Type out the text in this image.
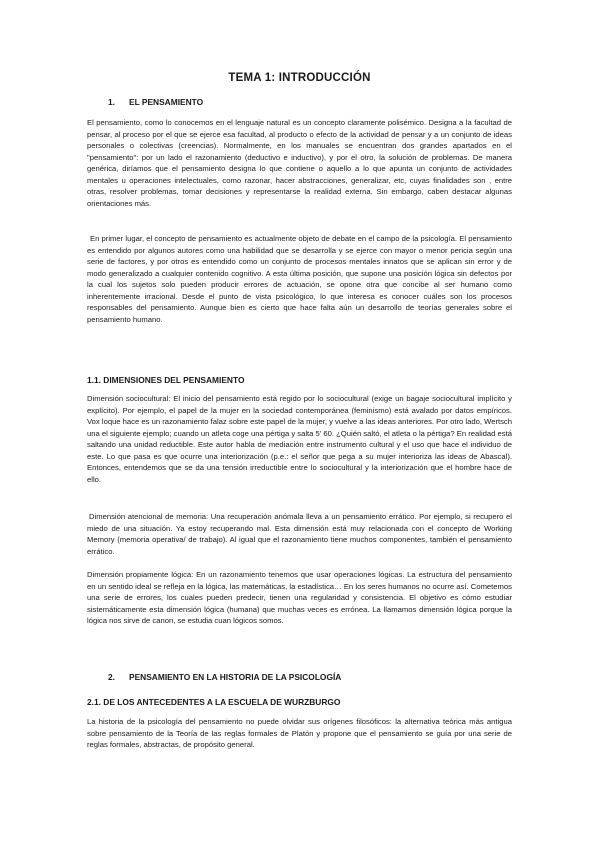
TEMA 1: INTRODUCCIÓN
1. EL PENSAMIENTO

El pensamiento, como lo conocemos en el lenguaje natural es un concepto claramente polisémico. Designa a la facultad de pensar, al proceso por el que se ejerce esa facultad, al producto o efecto de la actividad de pensar y a un conjunto de ideas personales o colectivas (creencias). Normalmente, en los manuales se encuentran dos grandes apartados en el "pensamiento": por un lado el razonamiento (deductivo e inductivo), y por el otro, la solución de problemas. De manera genérica, diríamos que el pensamiento designa lo que contiene o aquello a lo que apunta un conjunto de actividades mentales u operaciones intelectuales, como razonar, hacer abstracciones, generalizar, etc, cuyas finalidades son , entre otras, resolver problemas, tomar decisiones y representarse la realidad externa. Sin embargo, caben destacar algunas orientaciones más.

En primer lugar, el concepto de pensamiento es actualmente objeto de debate en el campo de la psicología. El pensamiento es entendido por algunos autores como una habilidad que se desarrolla y se ejerce con mayor o menor pericia según una serie de factores, y por otros es entendido como un conjunto de procesos mentales innatos que se aplican sin error y de modo generalizado a cualquier contenido cognitivo. A esta última posición, que supone una posición lógica sin defectos por la cual los sujetos solo pueden producir errores de actuación, se opone otra que concibe al ser humano como inherentemente irracional. Desde el punto de vista psicológico, lo que interesa es conocer cuáles son los procesos responsables del pensamiento. Aunque bien es cierto que hace falta aún un desarrollo de teorías generales sobre el pensamiento humano.

1.1. DIMENSIONES DEL PENSAMIENTO

Dimensión sociocultural: El inicio del pensamiento está regido por lo sociocultural (exige un bagaje sociocultural implícito y explícito). Por ejemplo, el papel de la mujer en la sociedad contemporánea (feminismo) está avalado por datos empíricos. Vox loque hace es un razonamiento falaz sobre este papel de la mujer, y vuelve a las ideas anteriores. Por otro lado, Wertsch una el siguiente ejemplo; cuando un atleta coge una pértiga y salta 5' 60. ¿Quién saltó, el atleta o la pértiga? En realidad está saltando una unidad reductible. Este autor habla de mediación entre instrumento cultural y el uso que hace el individuo de este. Lo que pasa es que ocurre una interiorización (p.e.: el señor que pega a su mujer interioriza las ideas de Abascal). Entonces, entendemos que se da una tensión irreductible entre lo sociocultural y la interiorización que el hombre hace de ello.

Dimensión atencional de memoria: Una recuperación anómala lleva a un pensamiento errático. Por ejemplo, si recupero el miedo de una situación. Ya estoy recuperando mal. Esta dimensión está muy relacionada con el concepto de Working Memory (memoria operativa/ de trabajo). Al igual que el razonamiento tiene muchos componentes, también el pensamiento errático.

Dimensión propiamente lógica: En un razonamiento tenemos que usar operaciones lógicas. La estructura del pensamiento en un sentido ideal se refleja en la lógica, las matemáticas, la estadística… En los seres humanos no ocurre así. Cometemos una serie de errores, los cuales pueden predecir, tienen una regularidad y consistencia. El objetivo es cómo estudiar sistemáticamente esta dimensión lógica (humana) que muchas veces es errónea. La llamamos dimensión lógica porque la lógica nos sirve de canon, se estudia cuan lógicos somos.

2. PENSAMIENTO EN LA HISTORIA DE LA PSICOLOGÍA
2.1. DE LOS ANTECEDENTES A LA ESCUELA DE WURZBURGO

La historia de la psicología del pensamiento no puede olvidar sus orígenes filosóficos: la alternativa teórica más antigua sobre pensamiento de la Teoría de las reglas formales de Platón y propone que el pensamiento se guía por una serie de reglas formales, abstractas, de propósito general.
